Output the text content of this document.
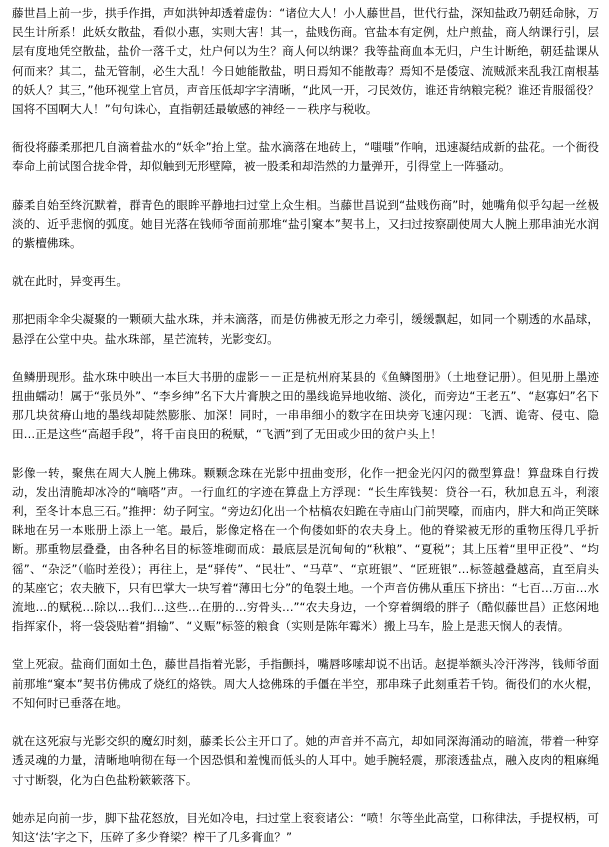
藤世昌上前一步，拱手作揖，声如洪钟却透着虚伪：“诸位大人！小人藤世昌，世代行盐，深知盐政乃朝廷命脉，万民生计所系！此妖女散盐，看似小惠，实则大害！其一，盐贱伤商。官盐本有定例，灶户煎盐，商人纳课行引，层层有度地凭空散盐，盐价一落千丈，灶户何以为生？商人何以纳课？我等盐商血本无归，户生计断绝，朝廷盐课从何而来？其二，盐无管制，必生大乱！今日她能散盐，明日焉知不能散毒？焉知不是倭寇、流贼派来乱我江南根基的妖人？其三，”他环视堂上官员，声音压低却字字清晰，“此风一开，刁民效仿，谁还肯纳粮完税？谁还肯服徭役？国将不国啊大人！”句句诛心，直指朝廷最敏感的神经－－秩序与税收。

衙役将藤柔那把几自滴着盐水的“妖伞”抬上堂。盐水滴落在地砖上，“嗤嗤”作响，迅速凝结成新的盐花。一个衙役奉命上前试图合拢伞骨，却似触到无形壁障，被一股柔和却浩然的力量弹开，引得堂上一阵骚动。

藤柔自始至终沉默着，群青色的眼眸平静地扫过堂上众生相。当藤世昌说到“盐贱伤商”时，她嘴角似乎勾起一丝极淡的、近乎悲悯的弧度。她目光落在钱师爷面前那堆“盐引窠本”契书上，又扫过按察副使周大人腕上那串油光水润的紫檀佛珠。

就在此时，异变再生。

那把雨伞伞尖凝聚的一颗硕大盐水珠，并未滴落，而是仿佛被无形之力牵引，缓缓飘起，如同一个剔透的水晶球，悬浮在公堂中央。盐水珠部，星芒流转，光影变幻。

鱼鳞册现形。盐水珠中映出一本巨大书册的虚影－－正是杭州府某县的《鱼鳞图册》（土地登记册）。但见册上墨迹扭曲蠕动！属于“张员外”、“李乡绅”名下大片膏腴之田的墨线诡异地收缩、淡化，而旁边“王老五”、“赵寡妇”名下那几块贫瘠山地的墨线却陡然膨胀、加深！同时，一串串细小的数字在田块旁飞速闪现：飞洒、诡寄、侵屯、隐田…正是这些“高超手段”，将千亩良田的税赋，“飞洒”到了无田或少田的贫户头上！

影像一转，聚焦在周大人腕上佛珠。颗颗念珠在光影中扭曲变形，化作一把金光闪闪的微型算盘！算盘珠自行拨动，发出清脆却冰冷的“嘀嗒”声。一行血红的字迹在算盘上方浮现：“长生库钱契：贷谷一石，秋加息五斗，利滚利，至冬计本息三石。”推押：幼子阿宝。“旁边幻化出一个枯槁农妇跪在寺庙山门前哭嚎，而庙内，胖大和尚正笑眯眯地在另一本账册上添上一笔。最后，影像定格在一个佝偻如虾的农夫身上。他的脊梁被无形的重物压得几乎折断。那重物层叠叠，由各种名目的标签堆砌而成：最底层是沉甸甸的“秋粮”、“夏税”；其上压着“里甲正役”、“均徭”、“杂泛”（临时差役）；再往上，是“驿传”、“民壮”、“马草”、“京班银”、“匠班银”…标签越叠越高，直至肩头的某座它；农夫腋下，只有巴掌大一块写着“薄田七分”的龟裂土地。一个声音仿佛从重压下挤出：“七百…万亩…水流地…的赋税…除以…我们…这些…在册的…穷骨头…”“农夫身边，一个穿着绸缎的胖子（酷似藤世昌）正悠闲地指挥家仆，将一袋袋贴着“捐输”、“义赈”标签的粮食（实则是陈年霉米）搬上马车，脸上是悲天悯人的表情。

堂上死寂。盐商们面如土色，藤世昌指着光影，手指颤抖，嘴唇哆嗦却说不出话。赵提举额头冷汗涔涔，钱师爷面前那堆“窠本”契书仿佛成了烧红的烙铁。周大人捻佛珠的手僵在半空，那串珠子此刻重若千钧。衙役们的水火棍，不知何时已垂落在地。

就在这死寂与光影交织的魔幻时刻，藤柔长公主开口了。她的声音并不高亢，却如同深海涌动的暗流，带着一种穿透灵魂的力量，清晰地响彻在每一个因恐惧和羞愧而低头的人耳中。她手腕轻震，那滚透盐点，融入皮肉的粗麻绳寸寸断裂，化为白色盐粉簌簌落下。

她赤足向前一步，脚下盐花怒放，目光如冷电，扫过堂上衮衮诸公：“喷！尔等坐此高堂，口称律法，手提权柄，可知这‘法’字之下，压碎了多少脊梁？榨干了几多膏血？”
